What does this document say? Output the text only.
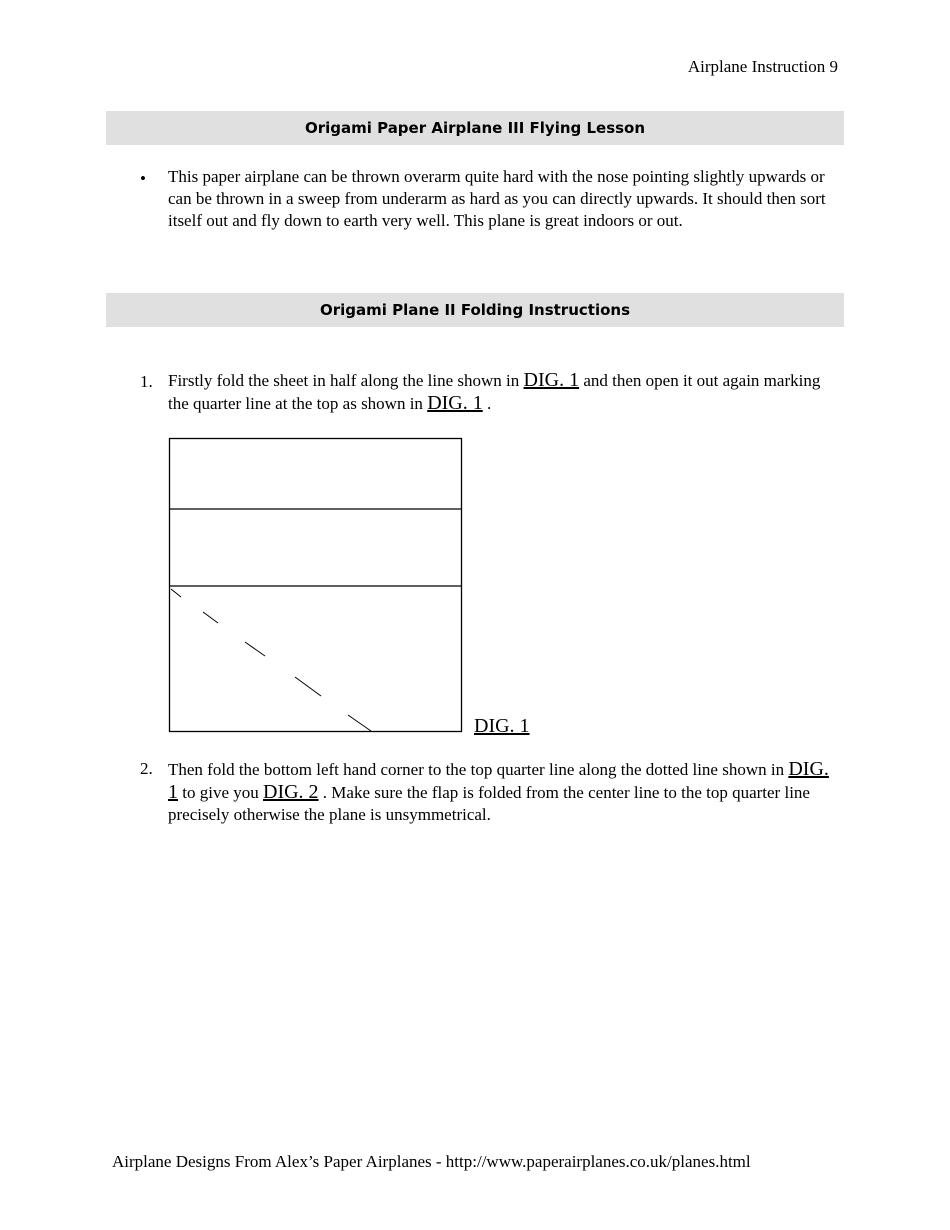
Airplane Instruction 9
Origami Paper Airplane III Flying Lesson
• This paper airplane can be thrown overarm quite hard with the nose pointing slightly upwards or can be thrown in a sweep from underarm as hard as you can directly upwards. It should then sort itself out and fly down to earth very well. This plane is great indoors or out.
Origami Plane II Folding Instructions
1. Firstly fold the sheet in half along the line shown in DIG. 1 and then open it out again marking the quarter line at the top as shown in DIG. 1 .
DIG. 1
2. Then fold the bottom left hand corner to the top quarter line along the dotted line shown in DIG. 1 to give you DIG. 2 . Make sure the flap is folded from the center line to the top quarter line precisely otherwise the plane is unsymmetrical.
Airplane Designs From Alex’s Paper Airplanes - http://www.paperairplanes.co.uk/planes.html
